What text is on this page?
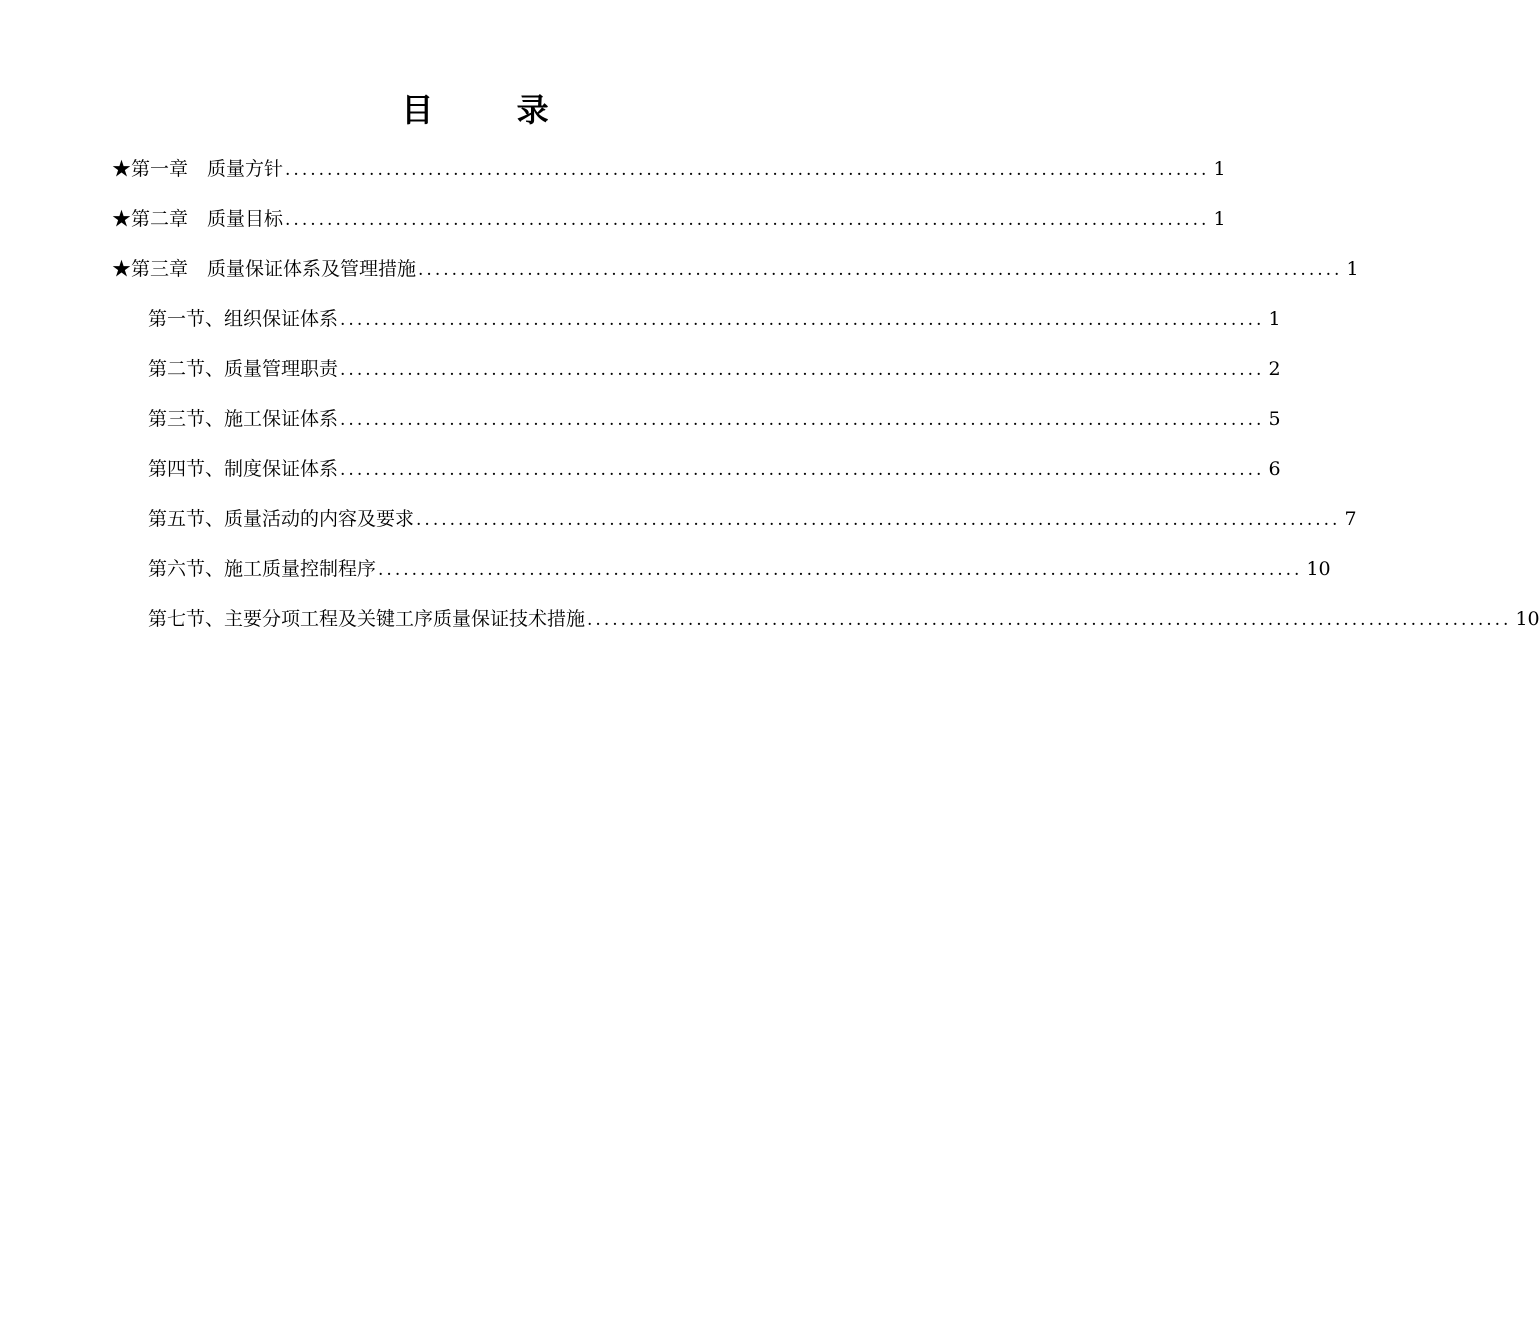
目 录
★第一章　质量方针 .............................................................................................................. 1
★第二章　质量目标 .............................................................................................................. 1
★第三章　质量保证体系及管理措施 .............................................................................................................. 1
第一节、组织保证体系 .............................................................................................................. 1
第二节、质量管理职责 .............................................................................................................. 2
第三节、施工保证体系 .............................................................................................................. 5
第四节、制度保证体系 .............................................................................................................. 6
第五节、质量活动的内容及要求 .............................................................................................................. 7
第六节、施工质量控制程序 .............................................................................................................. 10
第七节、主要分项工程及关键工序质量保证技术措施 .............................................................................................................. 10
